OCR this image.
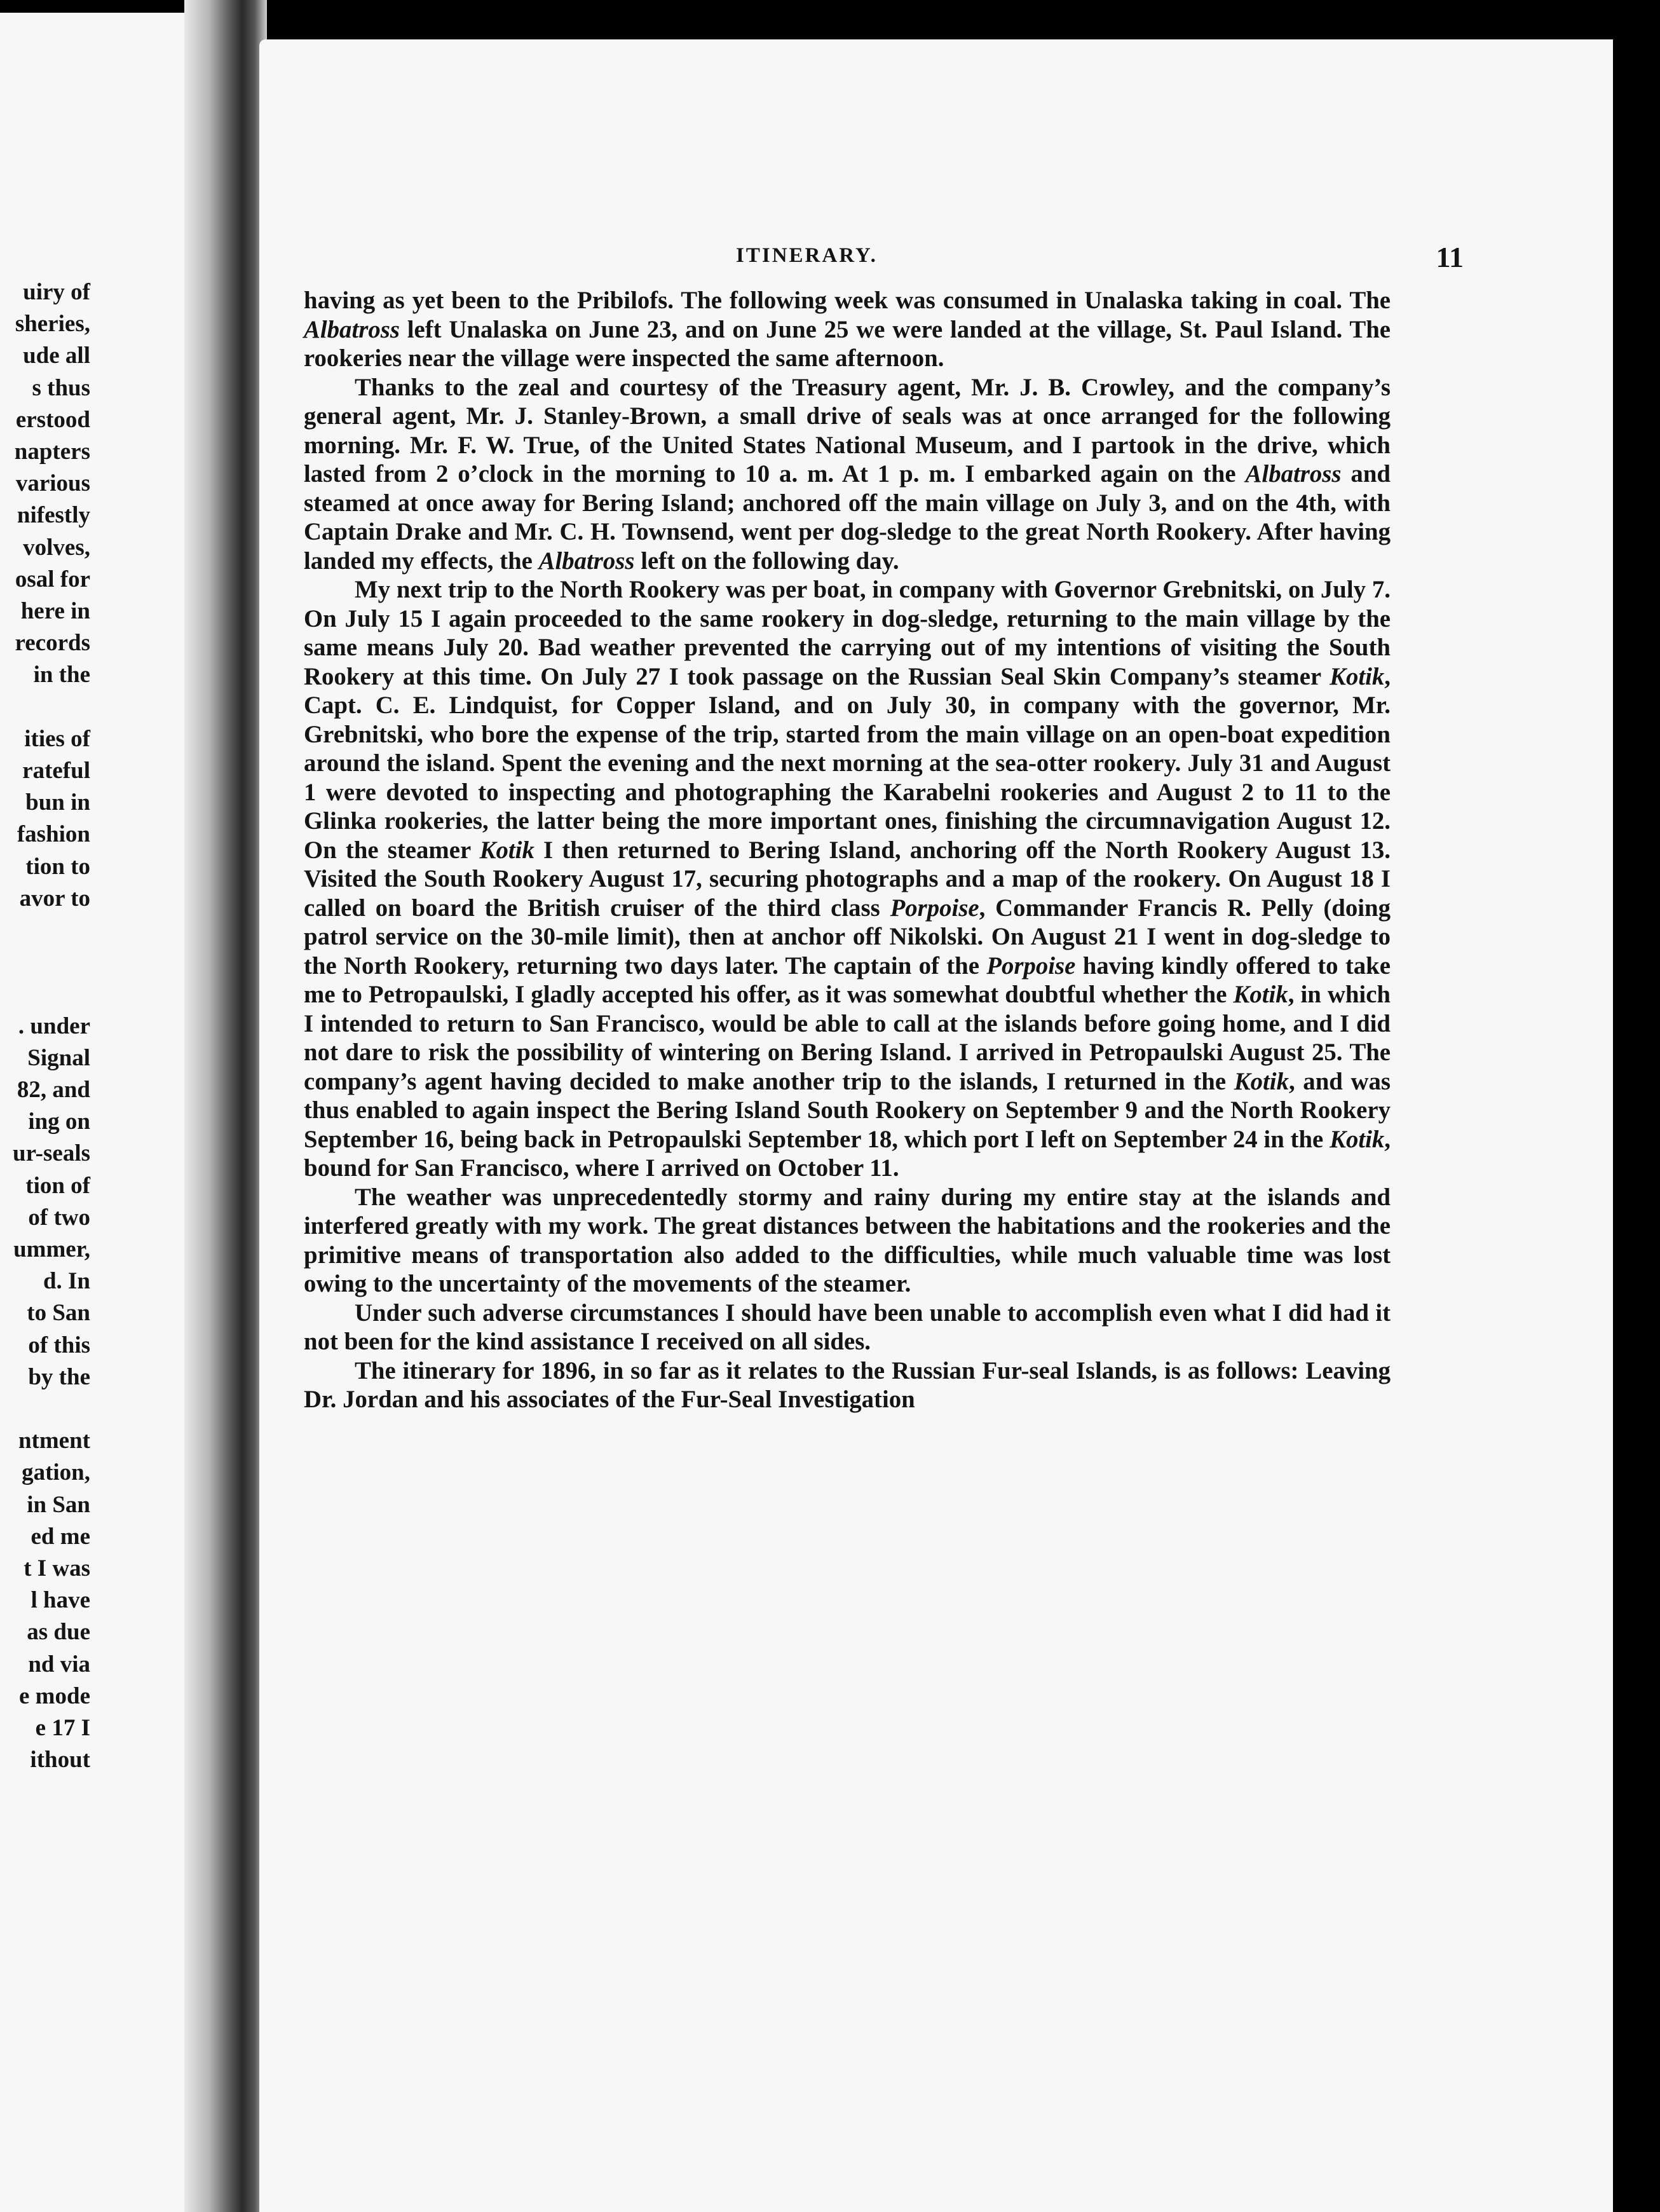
uiry of
sheries,
ude all
s thus
erstood
napters
various
nifestly
volves,
osal for
here in
records
in the
ities of
rateful
bun in
fashion
tion to
avor to
. under
Signal
82, and
ing on
ur-seals
tion of
of two
ummer,
d. In
to San
of this
by the
ntment
gation,
in San
ed me
t I was
l have
as due
nd via
e mode
e 17 I
ithout
ITINERARY.	11

having as yet been to the Pribilofs. The following week was consumed in Unalaska taking in coal. The Albatross left Unalaska on June 23, and on June 25 we were landed at the village, St. Paul Island. The rookeries near the village were inspected the same afternoon.

Thanks to the zeal and courtesy of the Treasury agent, Mr. J. B. Crowley, and the company’s general agent, Mr. J. Stanley-Brown, a small drive of seals was at once arranged for the following morning. Mr. F. W. True, of the United States National Museum, and I partook in the drive, which lasted from 2 o’clock in the morning to 10 a. m. At 1 p. m. I embarked again on the Albatross and steamed at once away for Bering Island; anchored off the main village on July 3, and on the 4th, with Captain Drake and Mr. C. H. Townsend, went per dog-sledge to the great North Rookery. After having landed my effects, the Albatross left on the following day.

My next trip to the North Rookery was per boat, in company with Governor Grebnitski, on July 7. On July 15 I again proceeded to the same rookery in dog-sledge, returning to the main village by the same means July 20. Bad weather prevented the carrying out of my intentions of visiting the South Rookery at this time. On July 27 I took passage on the Russian Seal Skin Company’s steamer Kotik, Capt. C. E. Lindquist, for Copper Island, and on July 30, in company with the governor, Mr. Grebnitski, who bore the expense of the trip, started from the main village on an open-boat expedition around the island. Spent the evening and the next morning at the sea-otter rookery. July 31 and August 1 were devoted to inspecting and photographing the Karabelni rookeries and August 2 to 11 to the Glinka rookeries, the latter being the more important ones, finishing the circumnavigation August 12. On the steamer Kotik I then returned to Bering Island, anchoring off the North Rookery August 13. Visited the South Rookery August 17, securing photographs and a map of the rookery. On August 18 I called on board the British cruiser of the third class Porpoise, Commander Francis R. Pelly (doing patrol service on the 30-mile limit), then at anchor off Nikolski. On August 21 I went in dog-sledge to the North Rookery, returning two days later. The captain of the Porpoise having kindly offered to take me to Petropaulski, I gladly accepted his offer, as it was somewhat doubtful whether the Kotik, in which I intended to return to San Francisco, would be able to call at the islands before going home, and I did not dare to risk the possibility of wintering on Bering Island. I arrived in Petropaulski August 25. The company’s agent having decided to make another trip to the islands, I returned in the Kotik, and was thus enabled to again inspect the Bering Island South Rookery on September 9 and the North Rookery September 16, being back in Petropaulski September 18, which port I left on September 24 in the Kotik, bound for San Francisco, where I arrived on October 11.

The weather was unprecedentedly stormy and rainy during my entire stay at the islands and interfered greatly with my work. The great distances between the habitations and the rookeries and the primitive means of transportation also added to the difficulties, while much valuable time was lost owing to the uncertainty of the movements of the steamer.

Under such adverse circumstances I should have been unable to accomplish even what I did had it not been for the kind assistance I received on all sides.

The itinerary for 1896, in so far as it relates to the Russian Fur-seal Islands, is as follows: Leaving Dr. Jordan and his associates of the Fur-Seal Investigation
